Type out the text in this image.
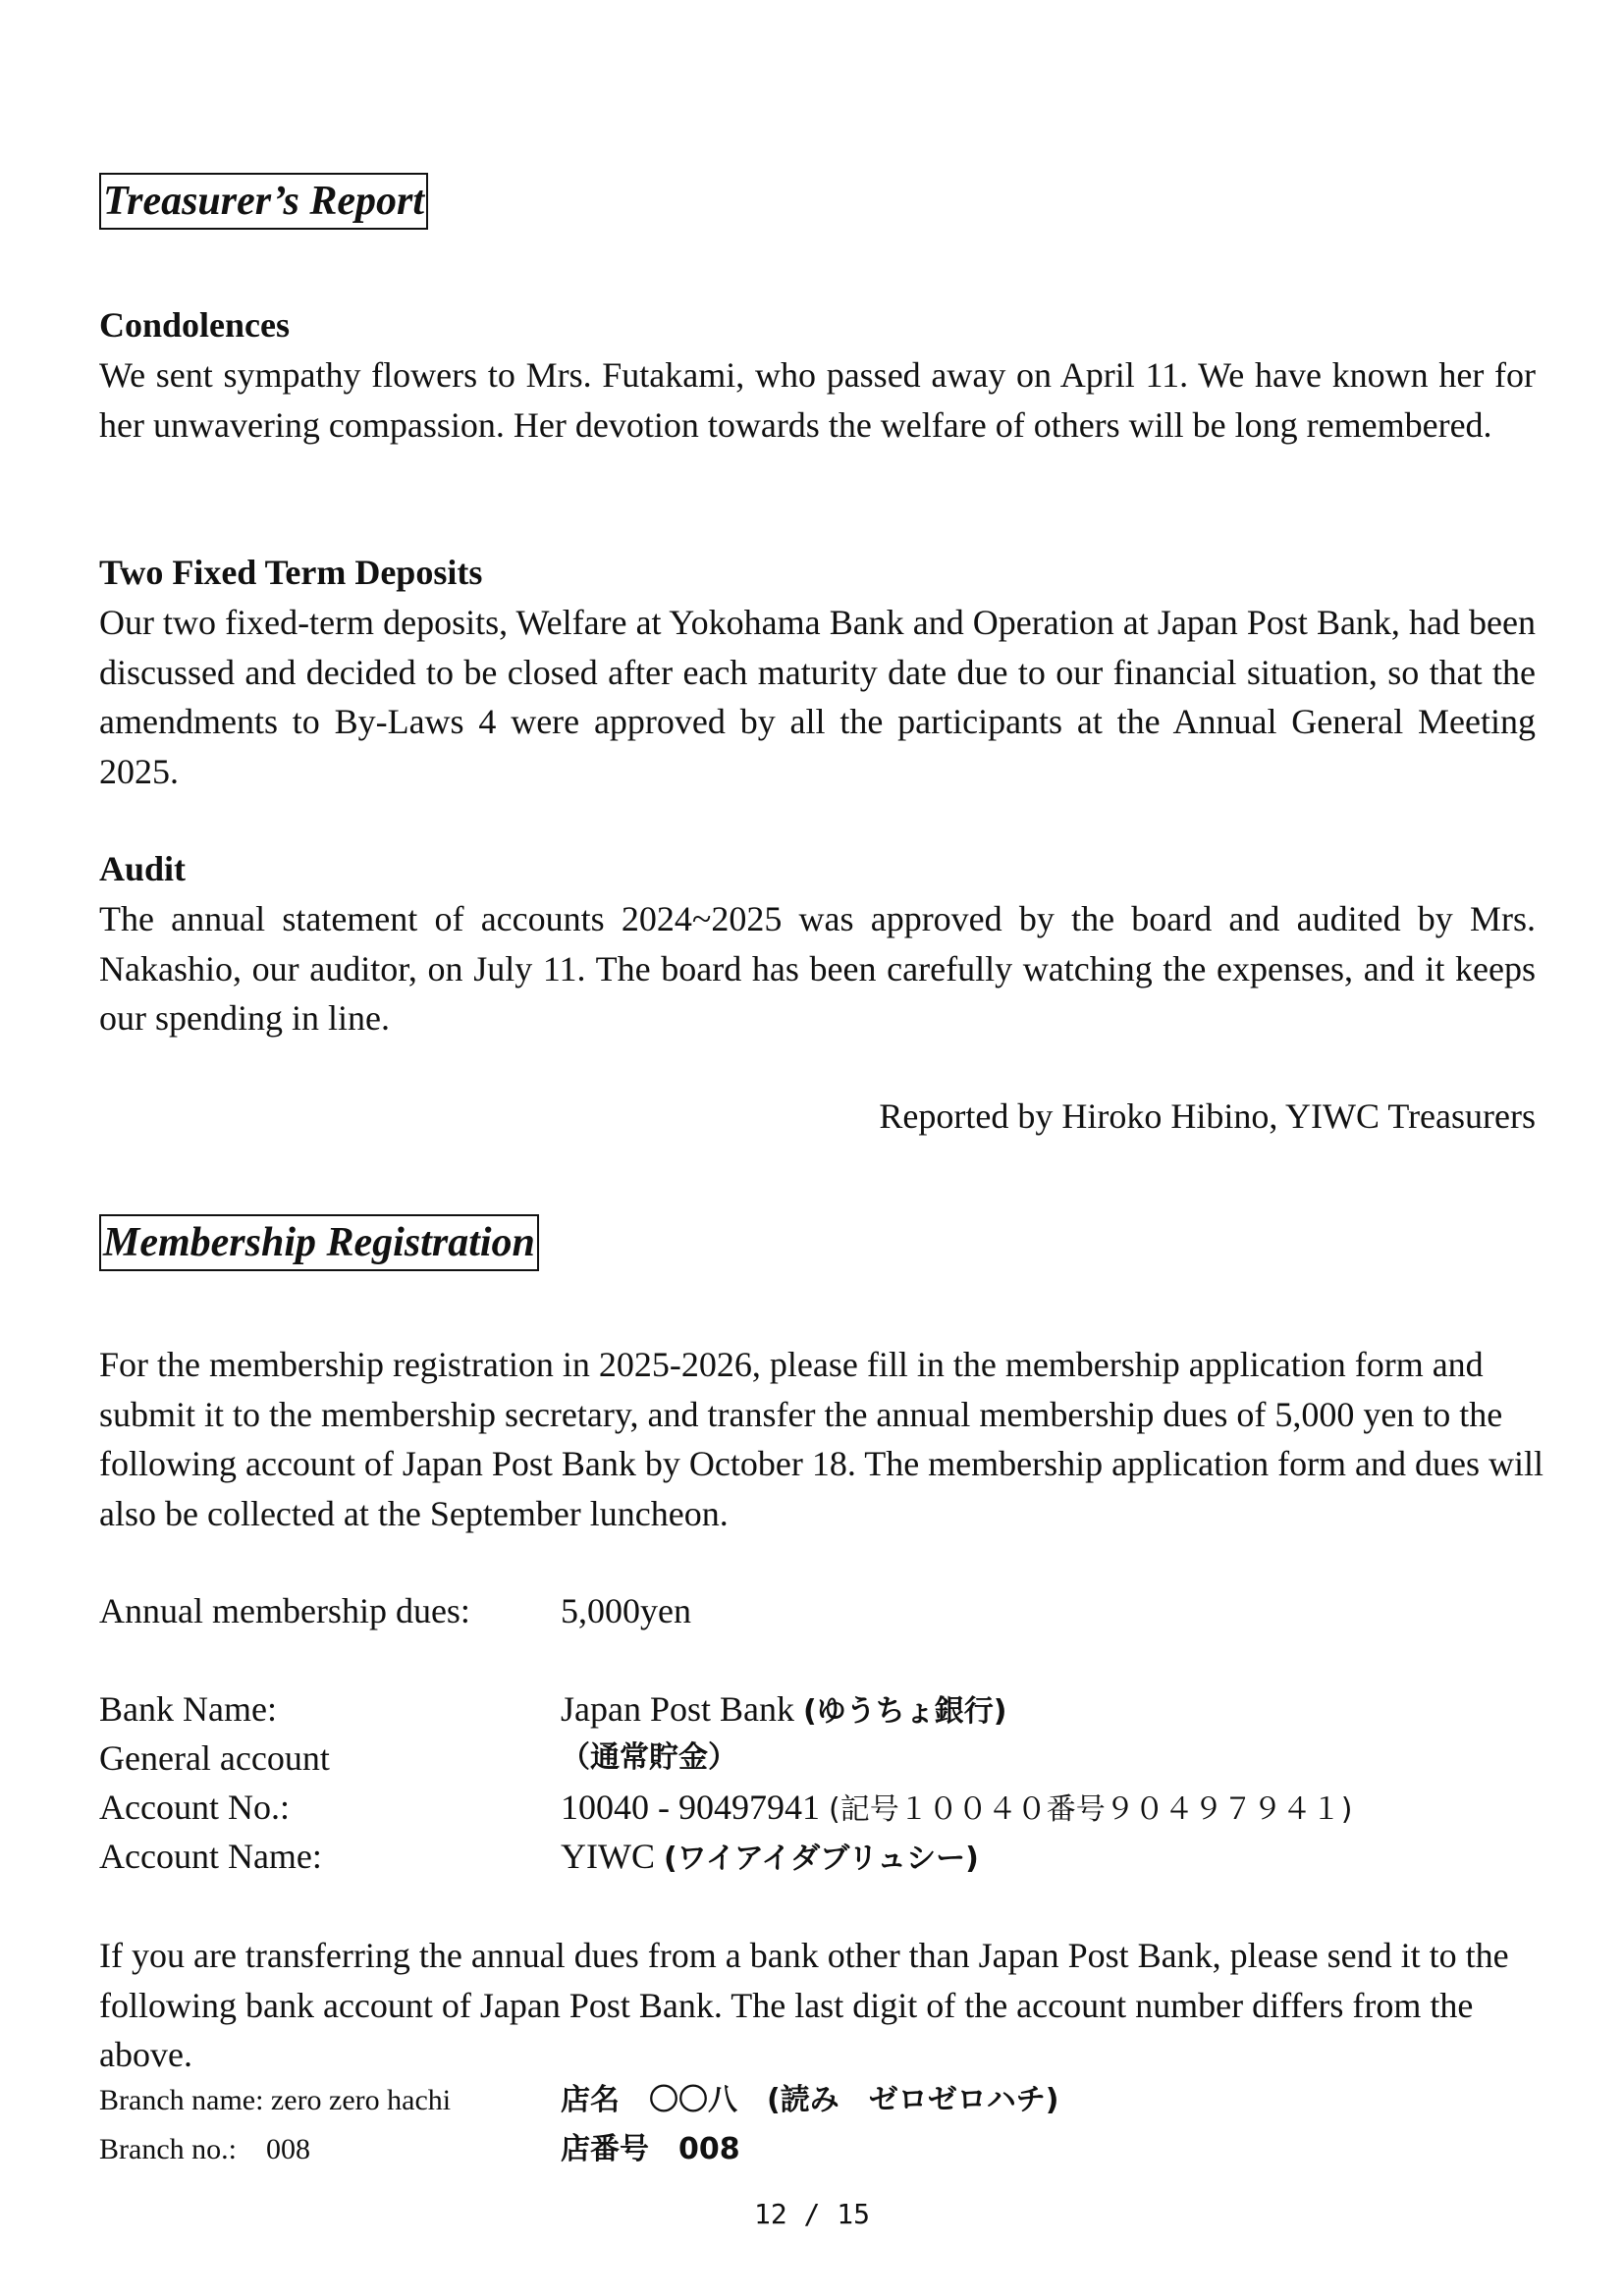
Treasurer’s Report
Condolences
We sent sympathy flowers to Mrs. Futakami, who passed away on April 11. We have known her for her unwavering compassion. Her devotion towards the welfare of others will be long remembered.
Two Fixed Term Deposits
Our two fixed-term deposits, Welfare at Yokohama Bank and Operation at Japan Post Bank, had been discussed and decided to be closed after each maturity date due to our financial situation, so that the amendments to By-Laws 4 were approved by all the participants at the Annual General Meeting 2025.
Audit
The annual statement of accounts 2024~2025 was approved by the board and audited by Mrs. Nakashio, our auditor, on July 11. The board has been carefully watching the expenses, and it keeps our spending in line.
Reported by Hiroko Hibino, YIWC Treasurers
Membership Registration
For the membership registration in 2025-2026, please fill in the membership application form and submit it to the membership secretary, and transfer the annual membership dues of 5,000 yen to the following account of Japan Post Bank by October 18. The membership application form and dues will also be collected at the September luncheon.
Annual membership dues:	5,000yen
Bank Name:	Japan Post Bank (ゆうちょ銀行)
General account	（通常貯金）
Account No.:	10040 - 90497941 (記号１００４０番号９０４９７９４１)
Account Name:	YIWC (ワイアイダブリュシー)
If you are transferring the annual dues from a bank other than Japan Post Bank, please send it to the following bank account of Japan Post Bank. The last digit of the account number differs from the above.
Branch name: zero zero hachi	店名　〇〇八　(読み　ゼロゼロハチ)
Branch no.:    008	店番号　008
12 / 15
